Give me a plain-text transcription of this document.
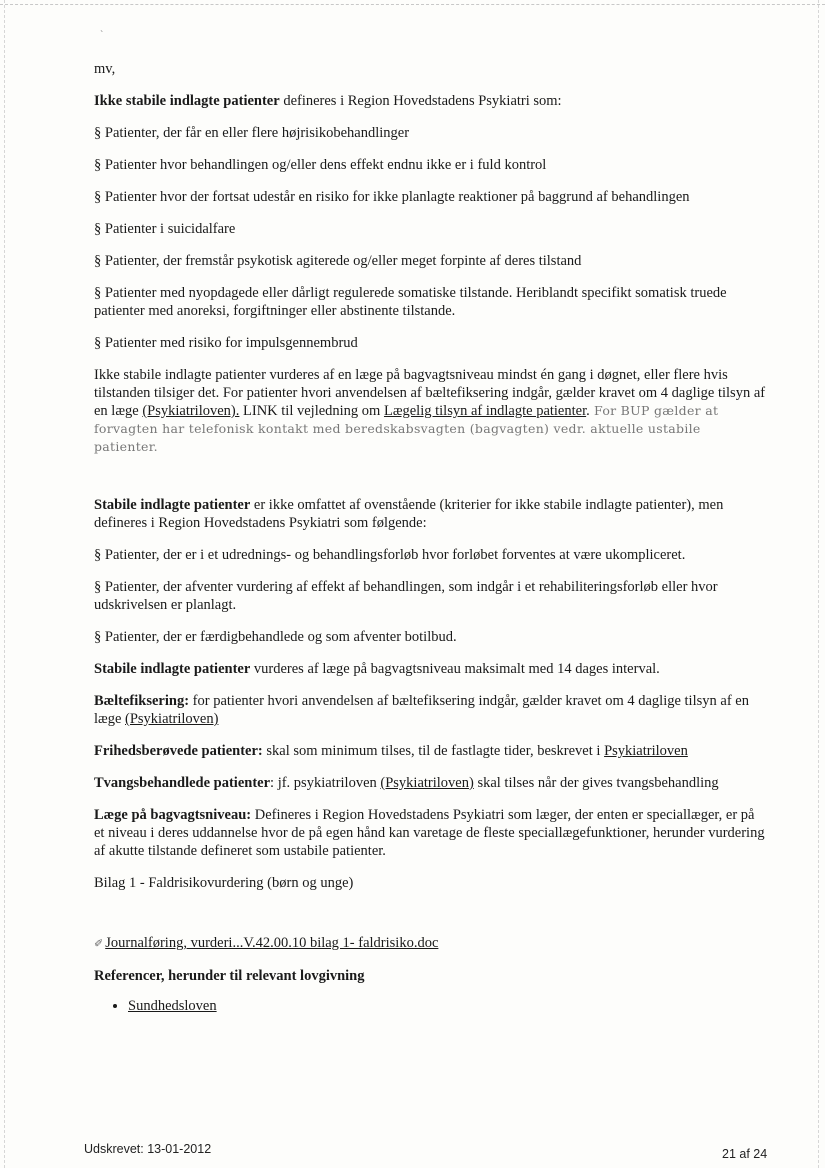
ˋ

mv,

Ikke stabile indlagte patienter defineres i Region Hovedstadens Psykiatri som:

§ Patienter, der får en eller flere højrisikobehandlinger

§ Patienter hvor behandlingen og/eller dens effekt endnu ikke er i fuld kontrol

§ Patienter hvor der fortsat udestår en risiko for ikke planlagte reaktioner på baggrund af behandlingen

§ Patienter i suicidalfare

§ Patienter, der fremstår psykotisk agiterede og/eller meget forpinte af deres tilstand

§ Patienter med nyopdagede eller dårligt regulerede somatiske tilstande. Heriblandt specifikt somatisk truede patienter med anoreksi, forgiftninger eller abstinente tilstande.

§ Patienter med risiko for impulsgennembrud

Ikke stabile indlagte patienter vurderes af en læge på bagvagtsniveau mindst én gang i døgnet, eller flere hvis tilstanden tilsiger det. For patienter hvori anvendelsen af bæltefiksering indgår, gælder kravet om 4 daglige tilsyn af en læge (Psykiatriloven). LINK til vejledning om Lægelig tilsyn af indlagte patienter. For BUP gælder at forvagten har telefonisk kontakt med beredskabsvagten (bagvagten) vedr. aktuelle ustabile patienter.

Stabile indlagte patienter er ikke omfattet af ovenstående (kriterier for ikke stabile indlagte patienter), men defineres i Region Hovedstadens Psykiatri som følgende:

§ Patienter, der er i et udrednings- og behandlingsforløb hvor forløbet forventes at være ukompliceret.

§ Patienter, der afventer vurdering af effekt af behandlingen, som indgår i et rehabiliteringsforløb eller hvor udskrivelsen er planlagt.

§ Patienter, der er færdigbehandlede og som afventer botilbud.

Stabile indlagte patienter vurderes af læge på bagvagtsniveau maksimalt med 14 dages interval.

Bæltefiksering: for patienter hvori anvendelsen af bæltefiksering indgår, gælder kravet om 4 daglige tilsyn af en læge (Psykiatriloven)

Frihedsberøvede patienter: skal som minimum tilses, til de fastlagte tider, beskrevet i Psykiatriloven

Tvangsbehandlede patienter: jf. psykiatriloven (Psykiatriloven) skal tilses når der gives tvangsbehandling

Læge på bagvagtsniveau: Defineres i Region Hovedstadens Psykiatri som læger, der enten er speciallæger, er på et niveau i deres uddannelse hvor de på egen hånd kan varetage de fleste speciallægefunktioner, herunder vurdering af akutte tilstande defineret som ustabile patienter.

Bilag 1 - Faldrisikovurdering (børn og unge)

✐ Journalføring, vurderi...V.42.00.10 bilag 1- faldrisiko.doc

Referencer, herunder til relevant lovgivning

• Sundhedsloven
Udskrevet: 13-01-2012	21 af 24
